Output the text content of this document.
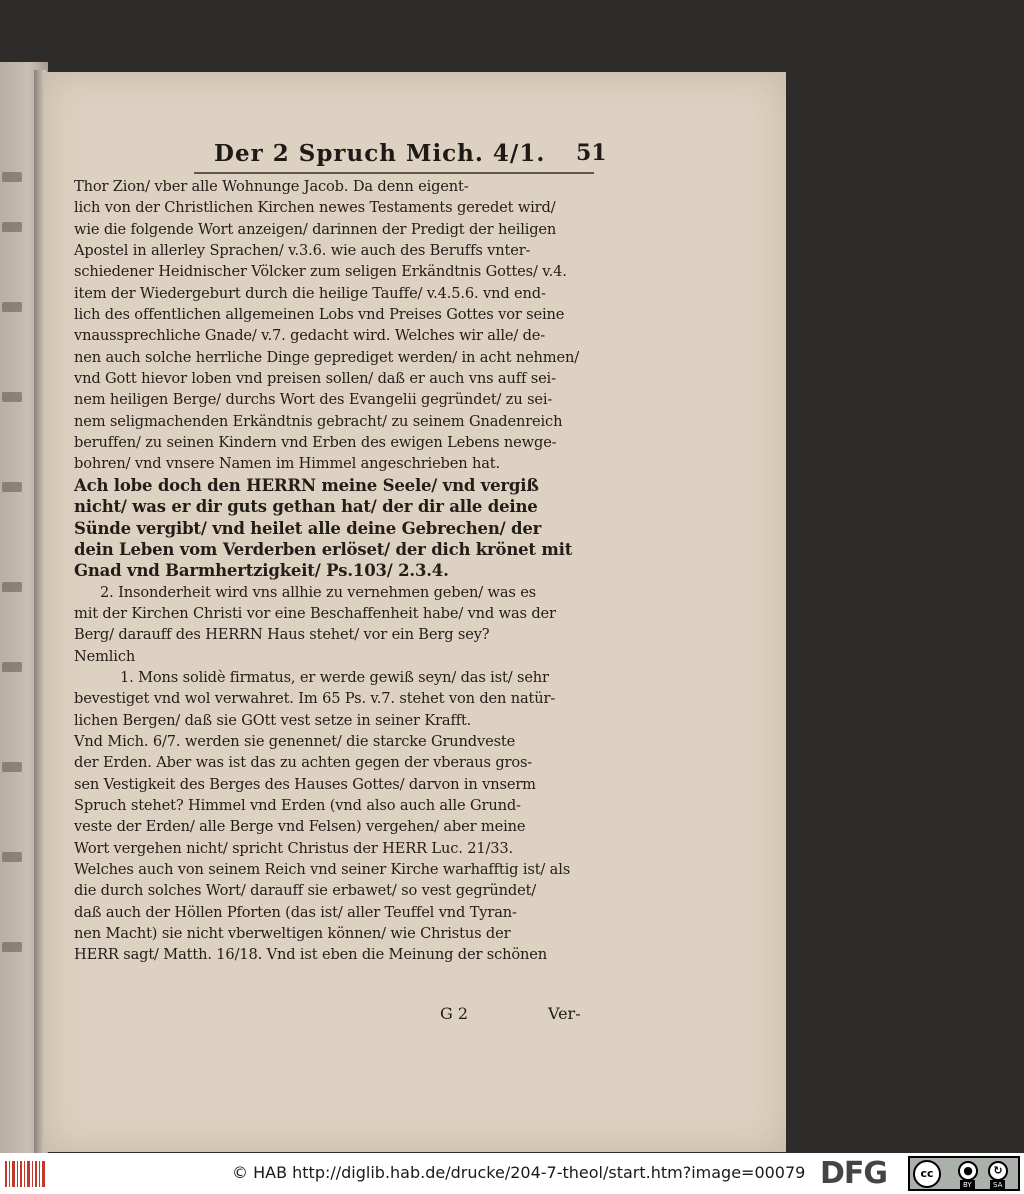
Der 2 Spruch Mich. 4/1.	51
Thor Zion/ vber alle Wohnunge Jacob. Da denn eigent-
lich von der Christlichen Kirchen newes Testaments geredet wird/
wie die folgende Wort anzeigen/ darinnen der Predigt der heiligen
Apostel in allerley Sprachen/ v.3.6. wie auch des Beruffs vnter-
schiedener Heidnischer Völcker zum seligen Erkändtnis Gottes/ v.4.
item der Wiedergeburt durch die heilige Tauffe/ v.4.5.6. vnd end-
lich des offentlichen allgemeinen Lobs vnd Preises Gottes vor seine
vnaussprechliche Gnade/ v.7. gedacht wird. Welches wir alle/ de-
nen auch solche herrliche Dinge geprediget werden/ in acht nehmen/
vnd Gott hievor loben vnd preisen sollen/ daß er auch vns auff sei-
nem heiligen Berge/ durchs Wort des Evangelii gegründet/ zu sei-
nem seligmachenden Erkändtnis gebracht/ zu seinem Gnadenreich
beruffen/ zu seinen Kindern vnd Erben des ewigen Lebens newge-
bohren/ vnd vnsere Namen im Himmel angeschrieben hat.
Ach lobe doch den HERRN meine Seele/ vnd vergiß
nicht/ was er dir guts gethan hat/ der dir alle deine
Sünde vergibt/ vnd heilet alle deine Gebrechen/ der
dein Leben vom Verderben erlöset/ der dich krönet mit
Gnad vnd Barmhertzigkeit/ Ps.103/ 2.3.4.
2. Insonderheit wird vns allhie zu vernehmen geben/ was es
mit der Kirchen Christi vor eine Beschaffenheit habe/ vnd was der
Berg/ darauff des HERRN Haus stehet/ vor ein Berg sey?
Nemlich
1. Mons solidè firmatus, er werde gewiß seyn/ das ist/ sehr
bevestiget vnd wol verwahret. Im 65 Ps. v.7. stehet von den natür-
lichen Bergen/ daß sie GOtt vest setze in seiner Krafft.
Vnd Mich. 6/7. werden sie genennet/ die starcke Grundveste
der Erden. Aber was ist das zu achten gegen der vberaus gros-
sen Vestigkeit des Berges des Hauses Gottes/ darvon in vnserm
Spruch stehet? Himmel vnd Erden (vnd also auch alle Grund-
veste der Erden/ alle Berge vnd Felsen) vergehen/ aber meine
Wort vergehen nicht/ spricht Christus der HERR Luc. 21/33.
Welches auch von seinem Reich vnd seiner Kirche warhafftig ist/ als
die durch solches Wort/ darauff sie erbawet/ so vest gegründet/
daß auch der Höllen Pforten (das ist/ aller Teuffel vnd Tyran-
nen Macht) sie nicht vberweltigen können/ wie Christus der
HERR sagt/ Matth. 16/18. Vnd ist eben die Meinung der schönen
G 2	Ver-
© HAB http://diglib.hab.de/drucke/204-7-theol/start.htm?image=00079 DFG	cc	●	↻
BY	SA
